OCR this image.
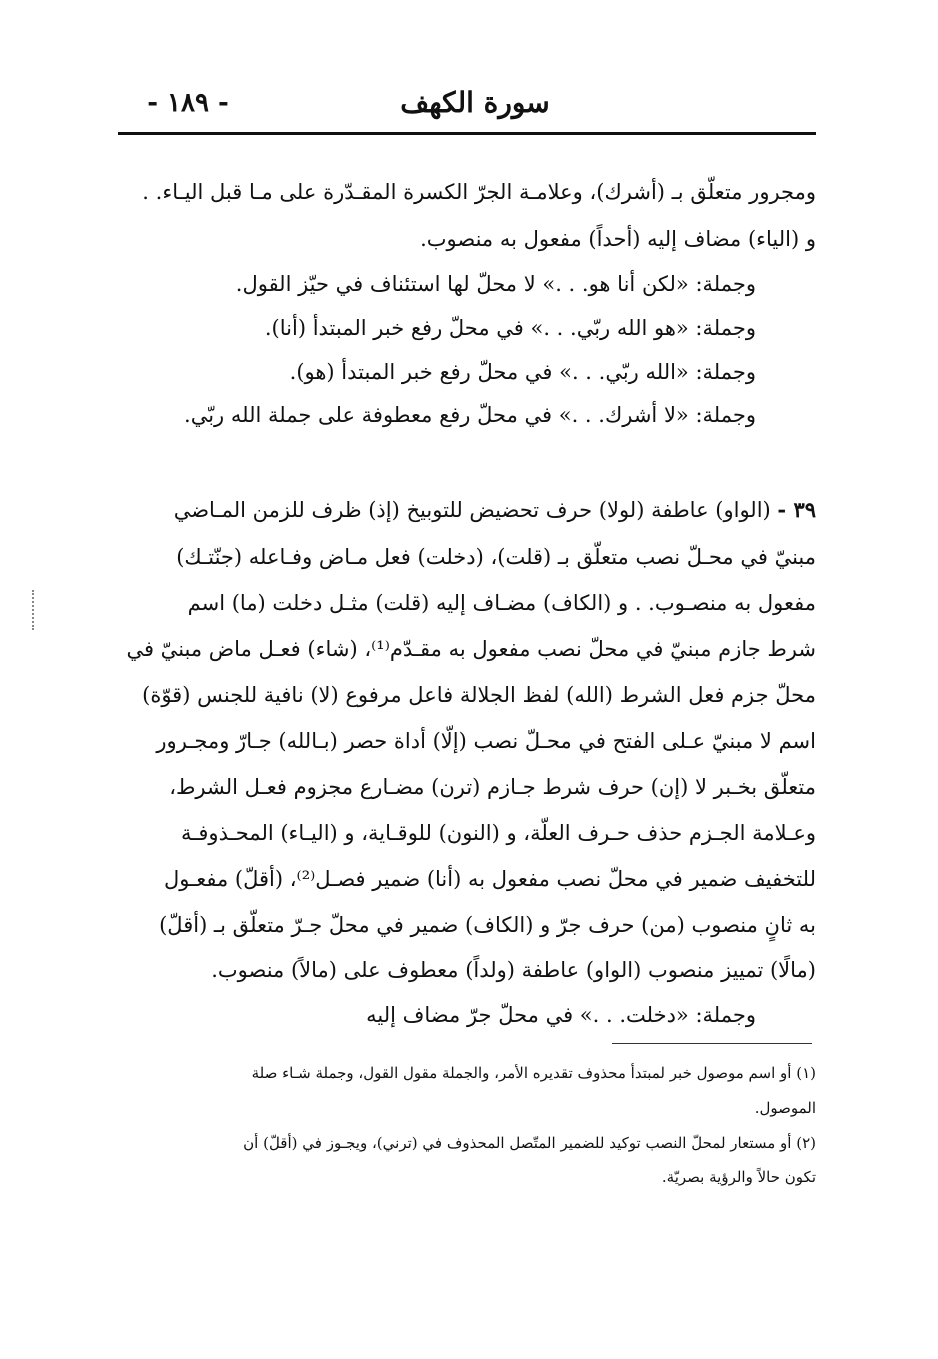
سورة الكهف
- ١٨٩ -
ومجرور متعلّق بـ (أشرك)، وعلامـة الجرّ الكسرة المقـدّرة على مـا قبل اليـاء. .
و (الياء) مضاف إليه (أحداً) مفعول به منصوب.
وجملة: «لكن أنا هو. . .» لا محلّ لها استئناف في حيّز القول.
وجملة: «هو الله ربّي. . .» في محلّ رفع خبر المبتدأ (أنا).
وجملة: «الله ربّي. . .» في محلّ رفع خبر المبتدأ (هو).
وجملة: «لا أشرك. . .» في محلّ رفع معطوفة على جملة الله ربّي.
٣٩ - (الواو) عاطفة (لولا) حرف تحضيض للتوبيخ (إذ) ظرف للزمن المـاضي
مبنيّ في محـلّ نصب متعلّق بـ (قلت)، (دخلت) فعل مـاض وفـاعله (جنّتـك)
مفعول به منصـوب. . و (الكاف) مضـاف إليه (قلت) مثـل دخلت (ما) اسم
شرط جازم مبنيّ في محلّ نصب مفعول به مقـدّم⁽¹⁾، (شاء) فعـل ماض مبنيّ في
محلّ جزم فعل الشرط (الله) لفظ الجلالة فاعل مرفوع (لا) نافية للجنس (قوّة)
اسم لا مبنيّ عـلى الفتح في محـلّ نصب (إلّا) أداة حصر (بـالله) جـارّ ومجـرور
متعلّق بخـبر لا (إن) حرف شرط جـازم (ترن) مضـارع مجزوم فعـل الشرط،
وعـلامة الجـزم حذف حـرف العلّة، و (النون) للوقـاية، و (اليـاء) المحـذوفـة
للتخفيف ضمير في محلّ نصب مفعول به (أنا) ضمير فصـل⁽²⁾، (أقلّ) مفعـول
به ثانٍ منصوب (من) حرف جرّ و (الكاف) ضمير في محلّ جـرّ متعلّق بـ (أقلّ)
(مالًا) تمييز منصوب (الواو) عاطفة (ولداً) معطوف على (مالاً) منصوب.
وجملة: «دخلت. . .» في محلّ جرّ مضاف إليه
(١) أو اسم موصول خبر لمبتدأ محذوف تقديره الأمر، والجملة مقول القول، وجملة شـاء صلة
الموصول.
(٢) أو مستعار لمحلّ النصب توكيد للضمير المتّصل المحذوف في (ترني)، ويجـوز في (أقلّ) أن
تكون حالاً والرؤية بصريّة.
